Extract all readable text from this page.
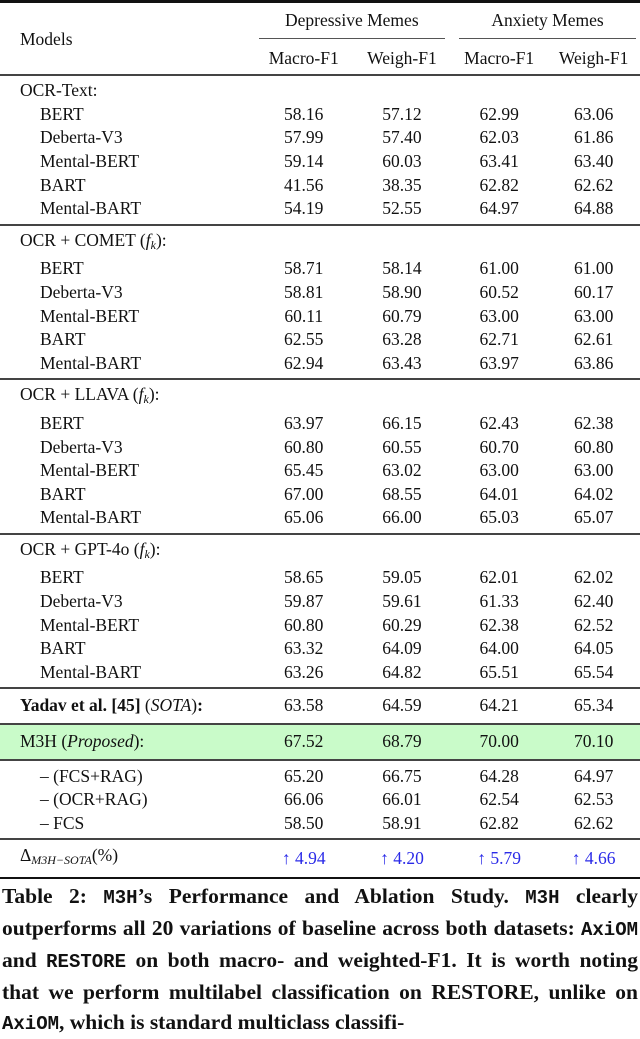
Models	Depressive Memes		Anxiety Memes	

	Macro-F1	Weigh-F1	Macro-F1	Weigh-F1
OCR-Text:				
BERT	58.16	57.12	62.99	63.06
Deberta-V3	57.99	57.40	62.03	61.86
Mental-BERT	59.14	60.03	63.41	63.40
BART	41.56	38.35	62.82	62.62
Mental-BART	54.19	52.55	64.97	64.88

OCR + COMET $(f_k)$:				
BERT	58.71	58.14	61.00	61.00
Deberta-V3	58.81	58.90	60.52	60.17
Mental-BERT	60.11	60.79	63.00	63.00
BART	62.55	63.28	62.71	62.61
Mental-BART	62.94	63.43	63.97	63.86

OCR + LLAVA $(f_k)$:				
BERT	63.97	66.15	62.43	62.38
Deberta-V3	60.80	60.55	60.70	60.80
Mental-BERT	65.45	63.02	63.00	63.00
BART	67.00	68.55	64.01	64.02
Mental-BART	65.06	66.00	65.03	65.07

OCR + GPT-4o $(f_k)$:				
BERT	58.65	59.05	62.01	62.02
Deberta-V3	59.87	59.61	61.33	62.40
Mental-BERT	60.80	60.29	62.38	62.52
BART	63.32	64.09	64.00	64.05
Mental-BART	63.26	64.82	65.51	65.54

Yadav et al. [45] (SOTA):	63.58	64.59	64.21	65.34
M3H (Proposed):	67.52	68.79	70.00	70.10
– (FCS+RAG)	65.20	66.75	64.28	64.97
– (OCR+RAG)	66.06	66.01	62.54	62.53
– FCS	58.50	58.91	62.82	62.62

$\Delta_{M3H-SOTA}(\%)$	↑ 4.94	↑ 4.20	↑ 5.79	↑ 4.66

Table 2: M3H’s Performance and Ablation Study. M3H clearly outperforms all 20 variations of baseline across both datasets: AxiOM and RESTORE on both macro- and weighted-F1. It is worth noting that we perform multilabel classification on RESTORE, unlike on AxiOM, which is standard multiclass classifi-
